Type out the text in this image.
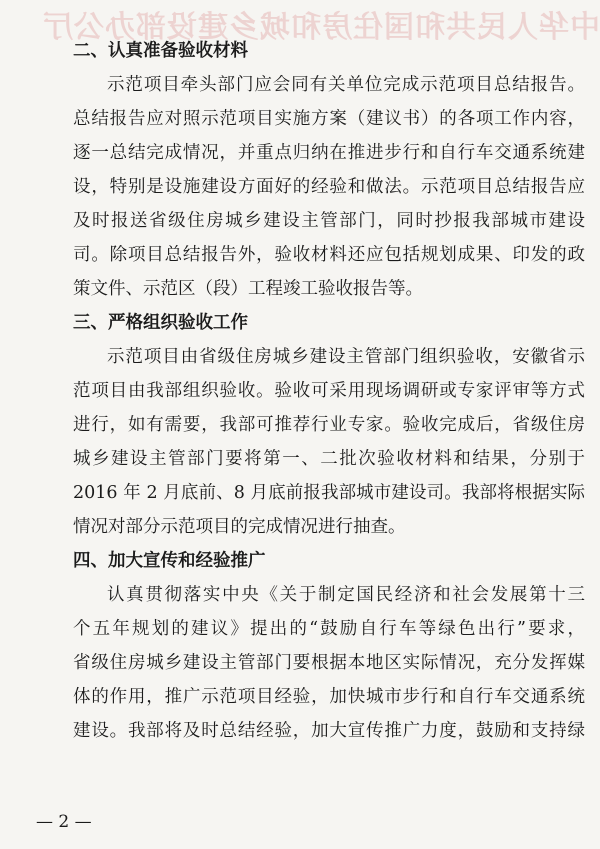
中华人民共和国住房和城乡建设部办公厅
二、认真准备验收材料
示范项目牵头部门应会同有关单位完成示范项目总结报告。
总结报告应对照示范项目实施方案（建议书）的各项工作内容，
逐一总结完成情况，并重点归纳在推进步行和自行车交通系统建
设，特别是设施建设方面好的经验和做法。示范项目总结报告应
及时报送省级住房城乡建设主管部门，同时抄报我部城市建设
司。除项目总结报告外，验收材料还应包括规划成果、印发的政
策文件、示范区（段）工程竣工验收报告等。
三、严格组织验收工作
示范项目由省级住房城乡建设主管部门组织验收，安徽省示
范项目由我部组织验收。验收可采用现场调研或专家评审等方式
进行，如有需要，我部可推荐行业专家。验收完成后，省级住房
城乡建设主管部门要将第一、二批次验收材料和结果，分别于
2016 年 2 月底前、8 月底前报我部城市建设司。我部将根据实际
情况对部分示范项目的完成情况进行抽查。
四、加大宣传和经验推广
认真贯彻落实中央《关于制定国民经济和社会发展第十三
个五年规划的建议》提出的“鼓励自行车等绿色出行”要求，
省级住房城乡建设主管部门要根据本地区实际情况，充分发挥媒
体的作用，推广示范项目经验，加快城市步行和自行车交通系统
建设。我部将及时总结经验，加大宣传推广力度，鼓励和支持绿
— 2 —
